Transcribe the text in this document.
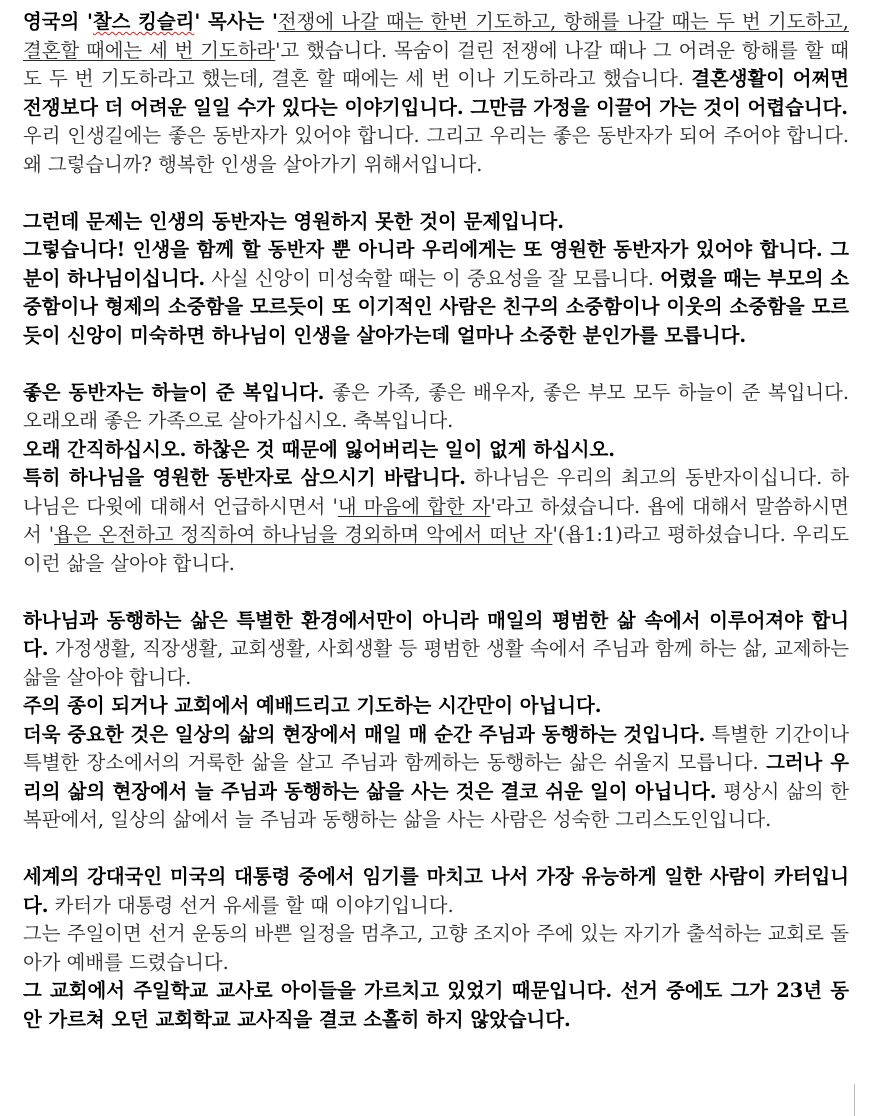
영국의 '찰스 킹슬리' 목사는 '전쟁에 나갈 때는 한번 기도하고, 항해를 나갈 때는 두 번 기도하고, 결혼할 때에는 세 번 기도하라'고 했습니다. 목숨이 걸린 전쟁에 나갈 때나 그 어려운 항해를 할 때도 두 번 기도하라고 했는데, 결혼 할 때에는 세 번 이나 기도하라고 했습니다. 결혼생활이 어쩌면 전쟁보다 더 어려운 일일 수가 있다는 이야기입니다. 그만큼 가정을 이끌어 가는 것이 어렵습니다.

우리 인생길에는 좋은 동반자가 있어야 합니다. 그리고 우리는 좋은 동반자가 되어 주어야 합니다. 왜 그렇습니까? 행복한 인생을 살아가기 위해서입니다.

그런데 문제는 인생의 동반자는 영원하지 못한 것이 문제입니다.

그렇습니다! 인생을 함께 할 동반자 뿐 아니라 우리에게는 또 영원한 동반자가 있어야 합니다. 그분이 하나님이십니다. 사실 신앙이 미성숙할 때는 이 중요성을 잘 모릅니다. 어렸을 때는 부모의 소중함이나 형제의 소중함을 모르듯이 또 이기적인 사람은 친구의 소중함이나 이웃의 소중함을 모르듯이 신앙이 미숙하면 하나님이 인생을 살아가는데 얼마나 소중한 분인가를 모릅니다.

좋은 동반자는 하늘이 준 복입니다. 좋은 가족, 좋은 배우자, 좋은 부모 모두 하늘이 준 복입니다. 오래오래 좋은 가족으로 살아가십시오. 축복입니다.

오래 간직하십시오. 하찮은 것 때문에 잃어버리는 일이 없게 하십시오.

특히 하나님을 영원한 동반자로 삼으시기 바랍니다. 하나님은 우리의 최고의 동반자이십니다. 하나님은 다윗에 대해서 언급하시면서 '내 마음에 합한 자'라고 하셨습니다. 욥에 대해서 말씀하시면서 '욥은 온전하고 정직하여 하나님을 경외하며 악에서 떠난 자'(욥1:1)라고 평하셨습니다. 우리도 이런 삶을 살아야 합니다.

하나님과 동행하는 삶은 특별한 환경에서만이 아니라 매일의 평범한 삶 속에서 이루어져야 합니다. 가정생활, 직장생활, 교회생활, 사회생활 등 평범한 생활 속에서 주님과 함께 하는 삶, 교제하는 삶을 살아야 합니다.

주의 종이 되거나 교회에서 예배드리고 기도하는 시간만이 아닙니다.

더욱 중요한 것은 일상의 삶의 현장에서 매일 매 순간 주님과 동행하는 것입니다. 특별한 기간이나 특별한 장소에서의 거룩한 삶을 살고 주님과 함께하는 동행하는 삶은 쉬울지 모릅니다. 그러나 우리의 삶의 현장에서 늘 주님과 동행하는 삶을 사는 것은 결코 쉬운 일이 아닙니다. 평상시 삶의 한 복판에서, 일상의 삶에서 늘 주님과 동행하는 삶을 사는 사람은 성숙한 그리스도인입니다.

세계의 강대국인 미국의 대통령 중에서 임기를 마치고 나서 가장 유능하게 일한 사람이 카터입니다. 카터가 대통령 선거 유세를 할 때 이야기입니다.

그는 주일이면 선거 운동의 바쁜 일정을 멈추고, 고향 조지아 주에 있는 자기가 출석하는 교회로 돌아가 예배를 드렸습니다.

그 교회에서 주일학교 교사로 아이들을 가르치고 있었기 때문입니다. 선거 중에도 그가 23년 동안 가르쳐 오던 교회학교 교사직을 결코 소홀히 하지 않았습니다.
